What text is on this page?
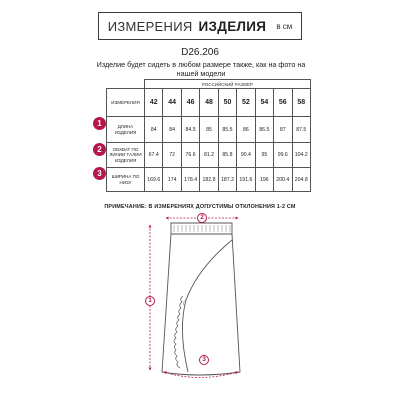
ИЗМЕРЕНИЯ ИЗДЕЛИЯ в см
D26.206
Изделие будет сидеть в любом размере также, как на фото на нашей модели
1
2
3
	РОССИЙСКИЙ РАЗМЕР								
ИЗМЕРЕНИЯ	42	44	46	48	50	52	54	56	58
ДЛИНА ИЗДЕЛИЯ	84	84	84.5	85	85.5	86	86.5	87	87.5
ОБХВАТ ПО ЛИНИИ ТАЛИИ ИЗДЕЛИЯ	67.4	72	76.6	81.2	85.8	90.4	95	99.6	104.2
ШИРИНА ПО НИЗУ	169.6	174	178.4	182.8	187.2	191.6	196	200.4	204.8
ПРИМЕЧАНИЕ: В ИЗМЕРЕНИЯХ ДОПУСТИМЫ ОТКЛОНЕНИЯ 1-2 СМ
1
2
3
